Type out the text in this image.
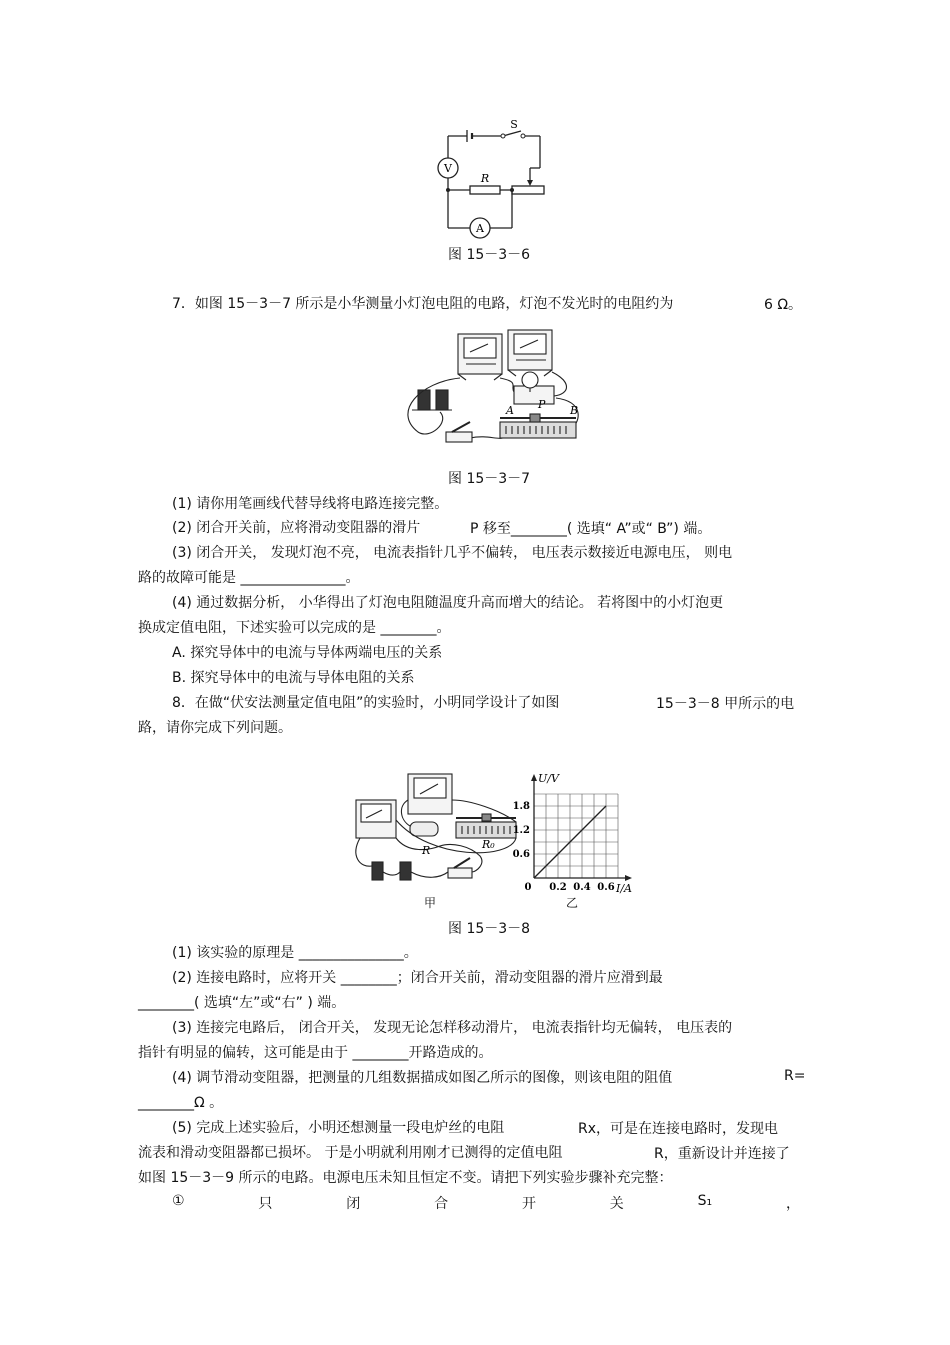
V
A
S
R
图 15－3－6
7．如图 15－3－7 所示是小华测量小灯泡电阻的电路，灯泡不发光时的电阻约为	6 Ω。
A P B
图 15－3－7
(1) 请你用笔画线代替导线将电路连接完整。
(2) 闭合开关前，应将滑动变阻器的滑片	P 移至________( 选填“ A”或“ B”) 端。
(3) 闭合开关， 发现灯泡不亮， 电流表指针几乎不偏转， 电压表示数接近电源电压， 则电
路的故障可能是 _______________。
(4) 通过数据分析， 小华得出了灯泡电阻随温度升高而增大的结论。 若将图中的小灯泡更
换成定值电阻，下述实验可以完成的是 ________。
A. 探究导体中的电流与导体两端电压的关系
B. 探究导体中的电流与导体电阻的关系
8．在做“伏安法测量定值电阻”的实验时，小明同学设计了如图	15－3－8 甲所示的电
路，请你完成下列问题。
R	R₀
甲
0 0.2 0.4 0.6
0.6
1.2
1.8
U/V
I/A
乙
图 15－3－8
(1) 该实验的原理是 _______________。
(2) 连接电路时，应将开关 ________；闭合开关前，滑动变阻器的滑片应滑到最
________( 选填“左”或“右” ) 端。
(3) 连接完电路后， 闭合开关， 发现无论怎样移动滑片， 电流表指针均无偏转， 电压表的
指针有明显的偏转，这可能是由于 ________开路造成的。
(4) 调节滑动变阻器，把测量的几组数据描成如图乙所示的图像，则该电阻的阻值	R=
________Ω 。
(5) 完成上述实验后，小明还想测量一段电炉丝的电阻	Rx，可是在连接电路时，发现电
流表和滑动变阻器都已损坏。 于是小明就利用刚才已测得的定值电阻	R，重新设计并连接了
如图 15－3－9 所示的电路。电源电压未知且恒定不变。请把下列实验步骤补充完整：
①	只	闭	合	开	关	S₁	，
